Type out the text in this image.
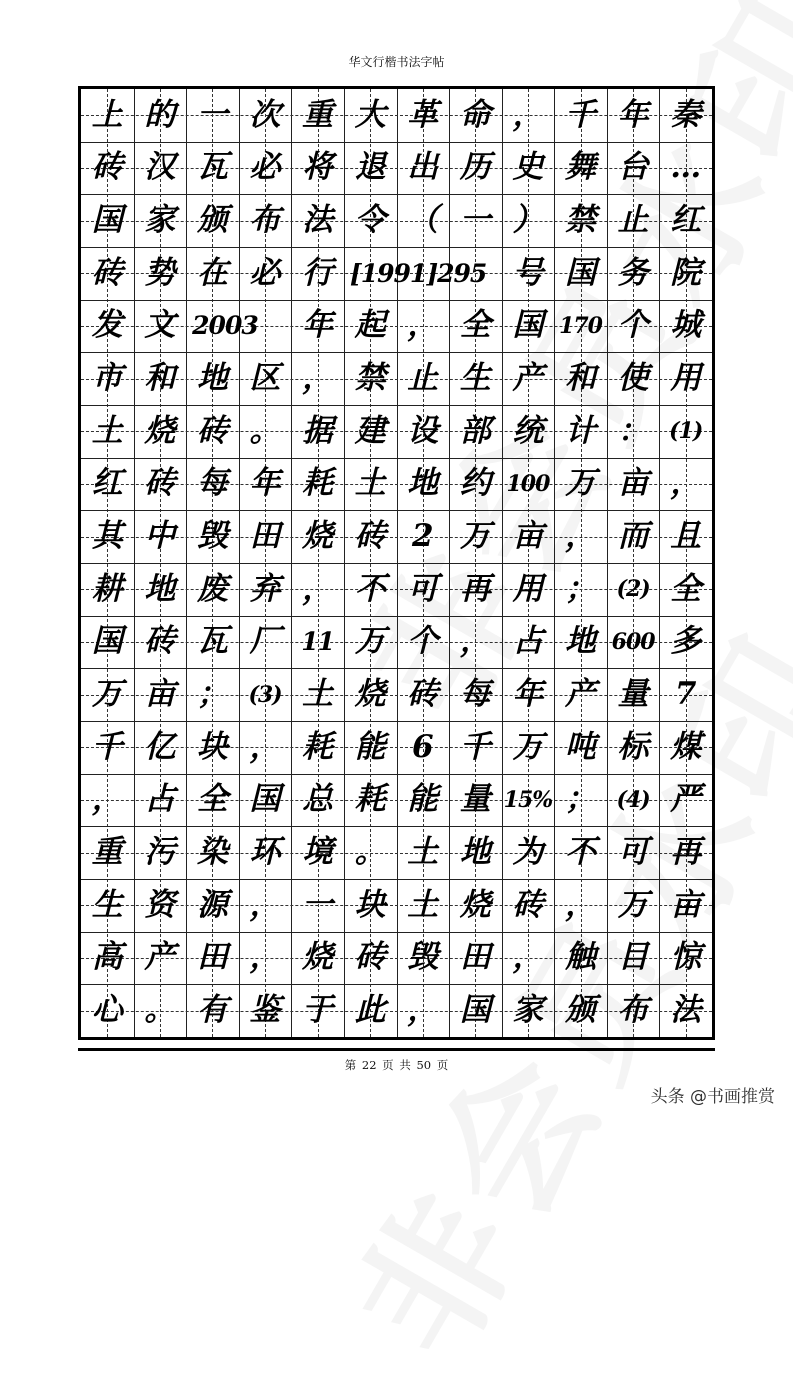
华文行楷书法字帖
上 的 一 次 重 大 革 命 ， 千 年 秦
砖 汉 瓦 必 将 退 出 历 史 舞 台 …
国 家 颁 布 法 令 （ 一 ） 禁 止 红
砖 势 在 必 行 [1991]295 号 国 务 院
发 文 2003	年 起 ， 全 国 170 个 城
市 和 地 区 ， 禁 止 生 产 和 使 用
土 烧 砖 。 据 建 设 部 统 计 ： (1)
红 砖 每 年 耗 土 地 约 100 万 亩 ，
其 中 毁 田 烧 砖 2 万 亩 ， 而 且
耕 地 废 弃 ， 不 可 再 用 ； (2) 全
国 砖 瓦 厂 11 万 个 ， 占 地 600 多
万 亩 ； (3) 土 烧 砖 每 年 产 量 7
千 亿 块 ， 耗 能 6 千 万 吨 标 煤
， 占 全 国 总 耗 能 量 15% ； (4) 严
重 污 染 环 境 。 土 地 为 不 可 再
生 资 源 ， 一 块 土 烧 砖 ， 万 亩
高 产 田 ， 烧 砖 毁 田 ， 触 目 惊
心 。 有 鉴 于 此 ， 国 家 颁 布 法
第 22 页 共 50 页
头条 @书画推赏
